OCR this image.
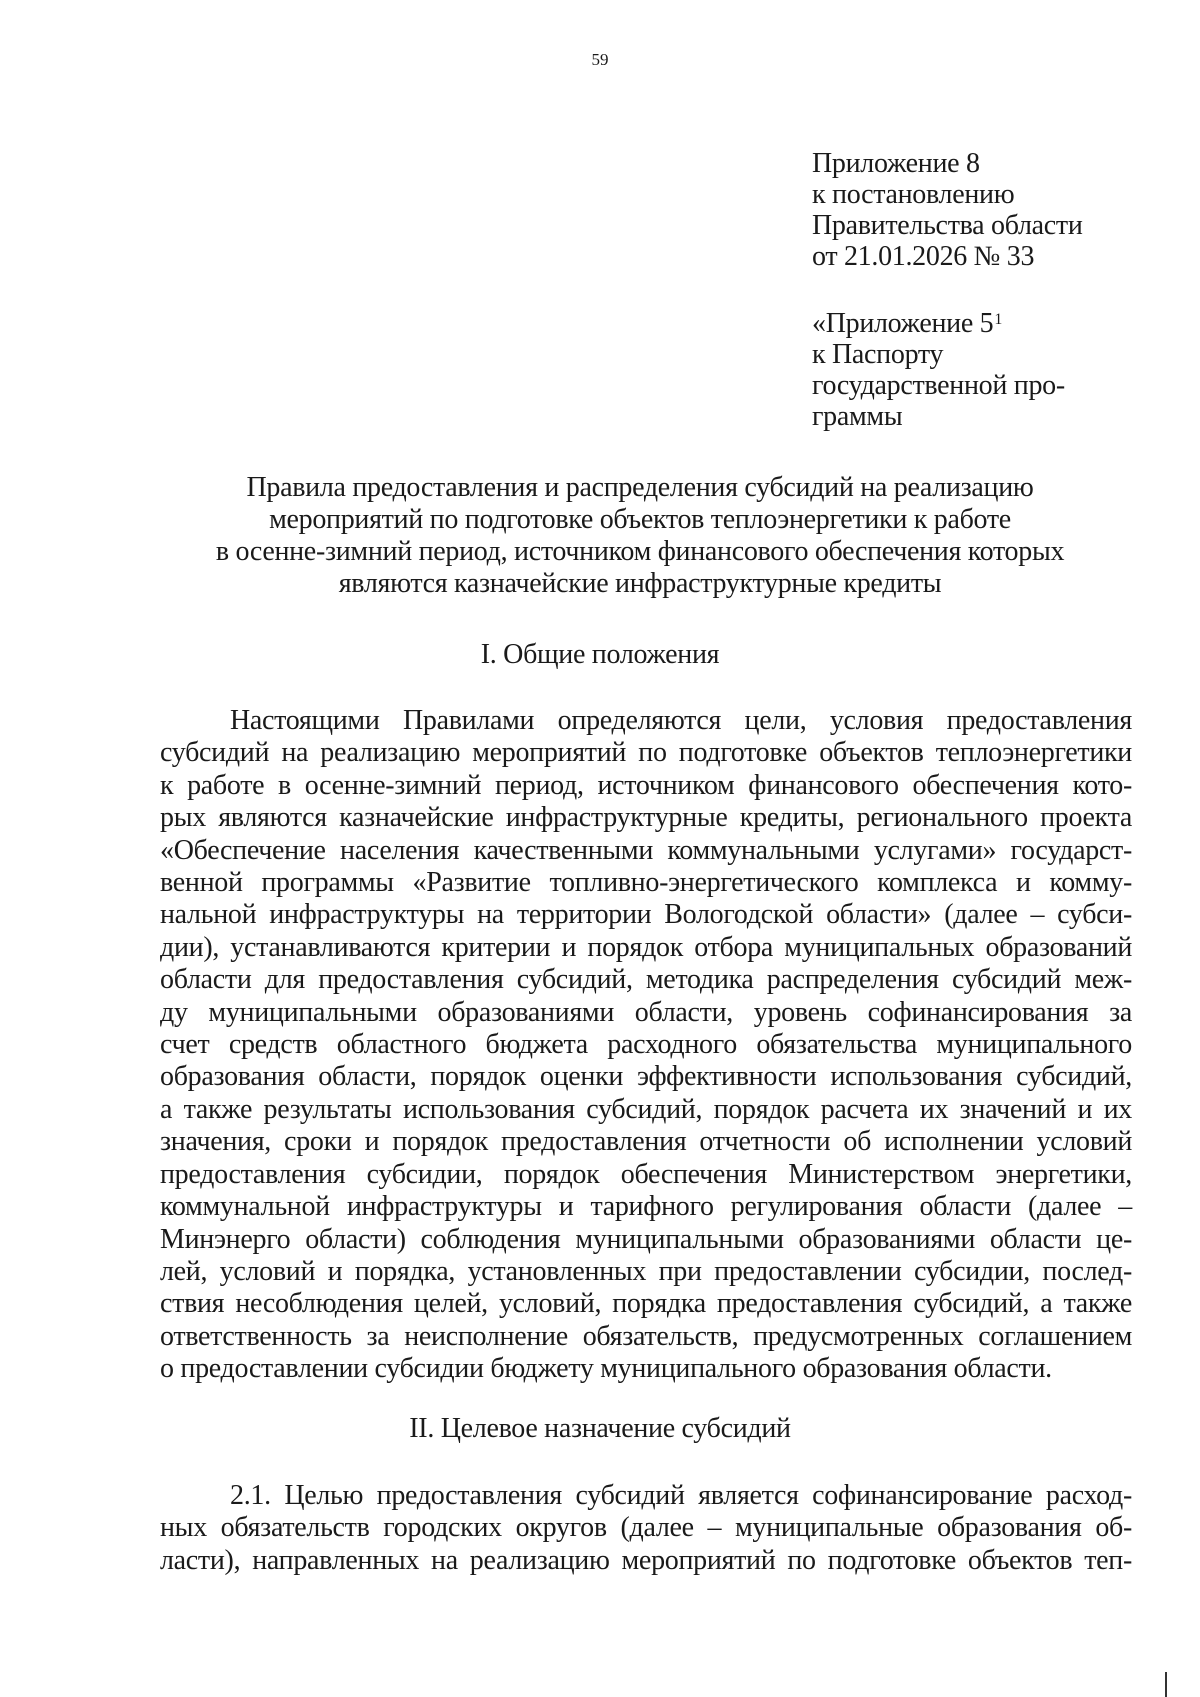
59
Приложение 8
к постановлению
Правительства области
от 21.01.2026 № 33
«Приложение $5^1$
к Паспорту
государственной про-
граммы
Правила предоставления и распределения субсидий на реализацию
мероприятий по подготовке объектов теплоэнергетики к работе
в осенне-зимний период, источником финансового обеспечения которых
являются казначейские инфраструктурные кредиты
I. Общие положения
Настоящими Правилами определяются цели, условия предоставления
субсидий на реализацию мероприятий по подготовке объектов теплоэнергетики
к работе в осенне-зимний период, источником финансового обеспечения кото-
рых являются казначейские инфраструктурные кредиты, регионального проекта
«Обеспечение населения качественными коммунальными услугами» государст-
венной программы «Развитие топливно-энергетического комплекса и комму-
нальной инфраструктуры на территории Вологодской области» (далее – субси-
дии), устанавливаются критерии и порядок отбора муниципальных образований
области для предоставления субсидий, методика распределения субсидий меж-
ду муниципальными образованиями области, уровень софинансирования за
счет средств областного бюджета расходного обязательства муниципального
образования области, порядок оценки эффективности использования субсидий,
а также результаты использования субсидий, порядок расчета их значений и их
значения, сроки и порядок предоставления отчетности об исполнении условий
предоставления субсидии, порядок обеспечения Министерством энергетики,
коммунальной инфраструктуры и тарифного регулирования области (далее –
Минэнерго области) соблюдения муниципальными образованиями области це-
лей, условий и порядка, установленных при предоставлении субсидии, послед-
ствия несоблюдения целей, условий, порядка предоставления субсидий, а также
ответственность за неисполнение обязательств, предусмотренных соглашением
о предоставлении субсидии бюджету муниципального образования области.
II. Целевое назначение субсидий
2.1. Целью предоставления субсидий является софинансирование расход-
ных обязательств городских округов (далее – муниципальные образования об-
ласти), направленных на реализацию мероприятий по подготовке объектов теп-
